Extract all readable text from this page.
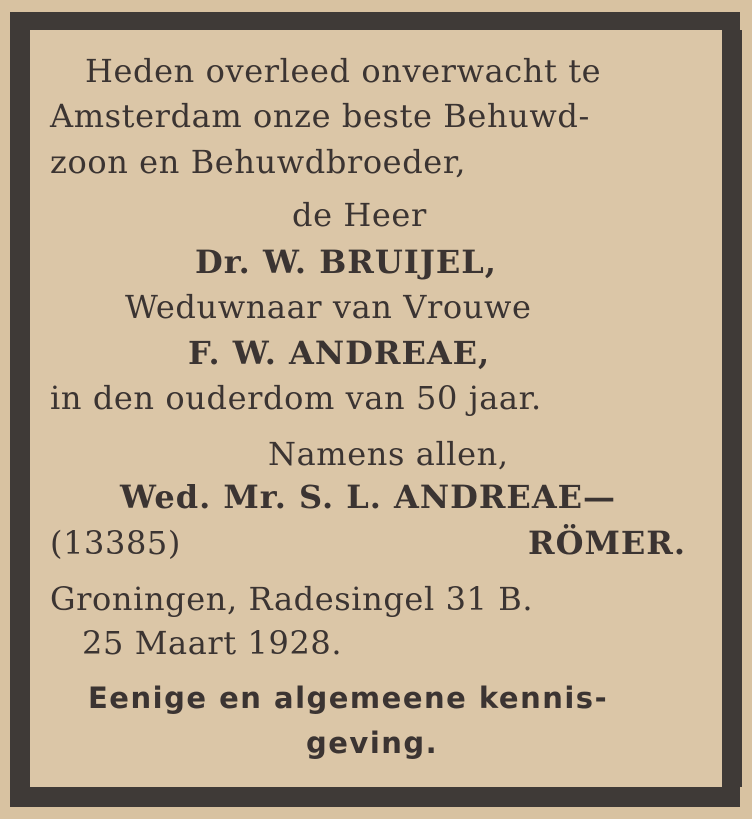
Heden overleed onverwacht te
Amsterdam onze beste Behuwd-
zoon en Behuwdbroeder,
de Heer
Dr. W. BRUIJEL,
Weduwnaar van Vrouwe
F. W. ANDREAE,
in den ouderdom van 50 jaar.
Namens allen,
Wed. Mr. S. L. ANDREAE—
(13385)	RÖMER.
Groningen, Radesingel 31 B.
25 Maart 1928.
Eenige en algemeene kennis-
geving.
